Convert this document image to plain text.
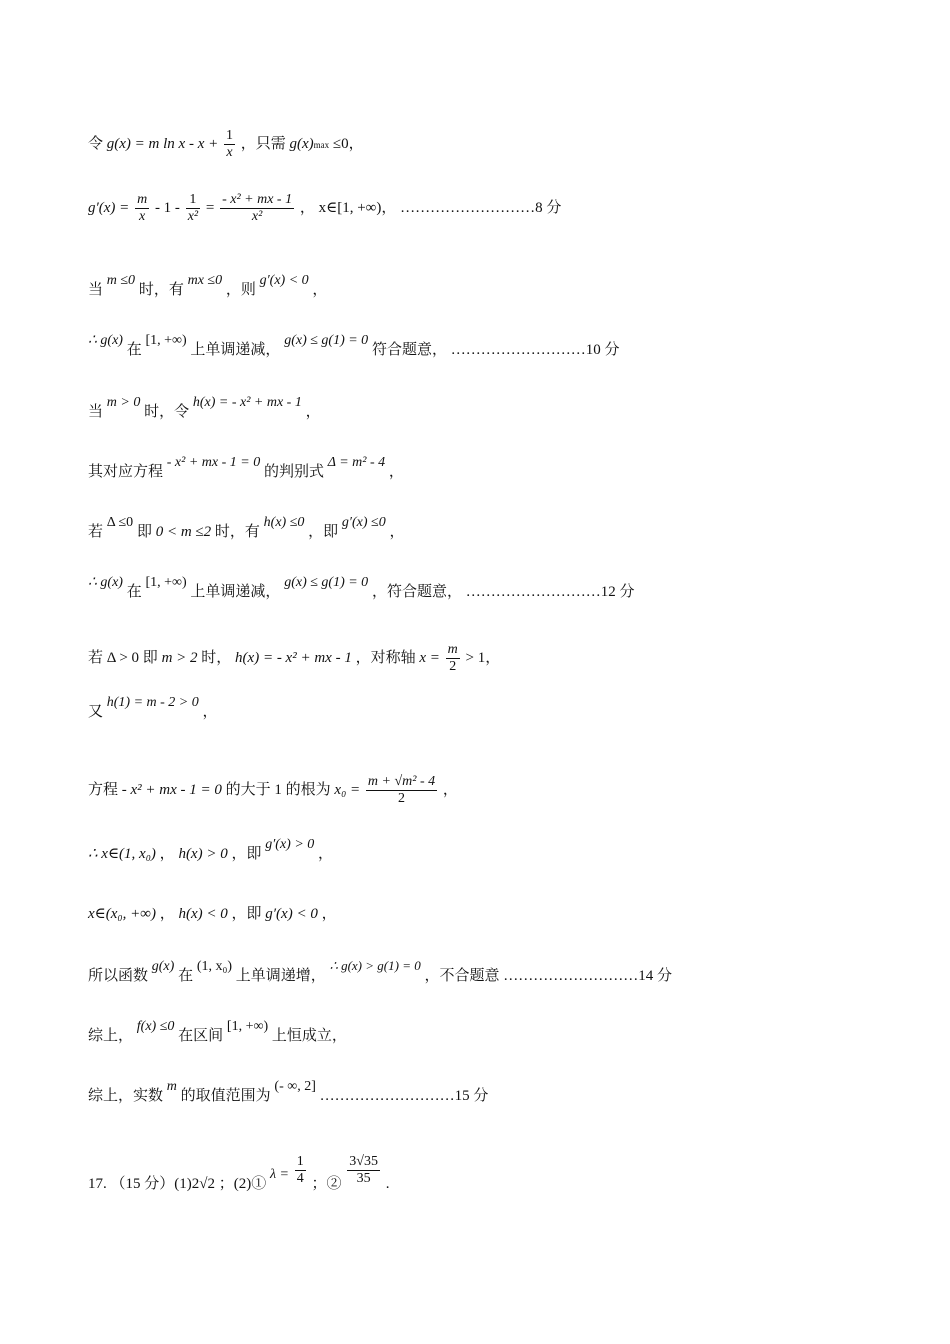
令 g(x) = m $\ln x - x + \frac{1}{x}$ ，只需 g(x)max ≤0，
$g'(x) = \frac{m}{x} - 1 - \frac{1}{\text{x²}} = \frac{\text{- x² + mx - 1}}{\text{x²}}$ ， x∈[1, +∞)， ………………………8 分
当 m ≤0 时，有 mx ≤0 ，则 g′(x) < 0 ，
∴ g(x) 在 [1, +∞) 上单调递减， g(x) ≤ g(1) = 0 符合题意， ………………………10 分
当 m > 0 时，令 h(x) = - x² + mx - 1 ，
其对应方程 - x² + mx - 1 = 0 的判别式 Δ = m² - 4 ，
若 Δ ≤0 即 0 < m ≤2 时，有 h(x) ≤0 ，即 g′(x) ≤0 ，
∴ g(x) 在 [1, +∞) 上单调递减， g(x) ≤ g(1) = 0 ，符合题意， ………………………12 分
若 Δ > 0 即 m > 2 时， h(x) = - x² + mx - 1 ，对称轴 $x = \frac{m}{2} > 1$，
又 h(1) = m - 2 > 0 ，
方程 - x² + mx - 1 = 0 的大于 1 的根为 $x_0 = \frac{\text{m + √m² - 4}}{2}$ ，
∴ x∈(1, x₀) ， h(x) > 0 ，即 g′(x) > 0 ，
x∈(x₀, +∞) ， h(x) < 0 ，即 g′(x) < 0 ，
所以函数 g(x) 在 (1, x₀) 上单调递增， ∴ g(x) > g(1) = 0 ，不合题意 ………………………14 分
综上， f(x) ≤0 在区间 [1, +∞) 上恒成立，
综上，实数 m 的取值范围为 (- ∞, 2] ………………………15 分
17. （15 分）(1)2√2 ；(2)① $\lambda = \frac{1}{4}$ ；② $\frac{3√35}{35}$ .
